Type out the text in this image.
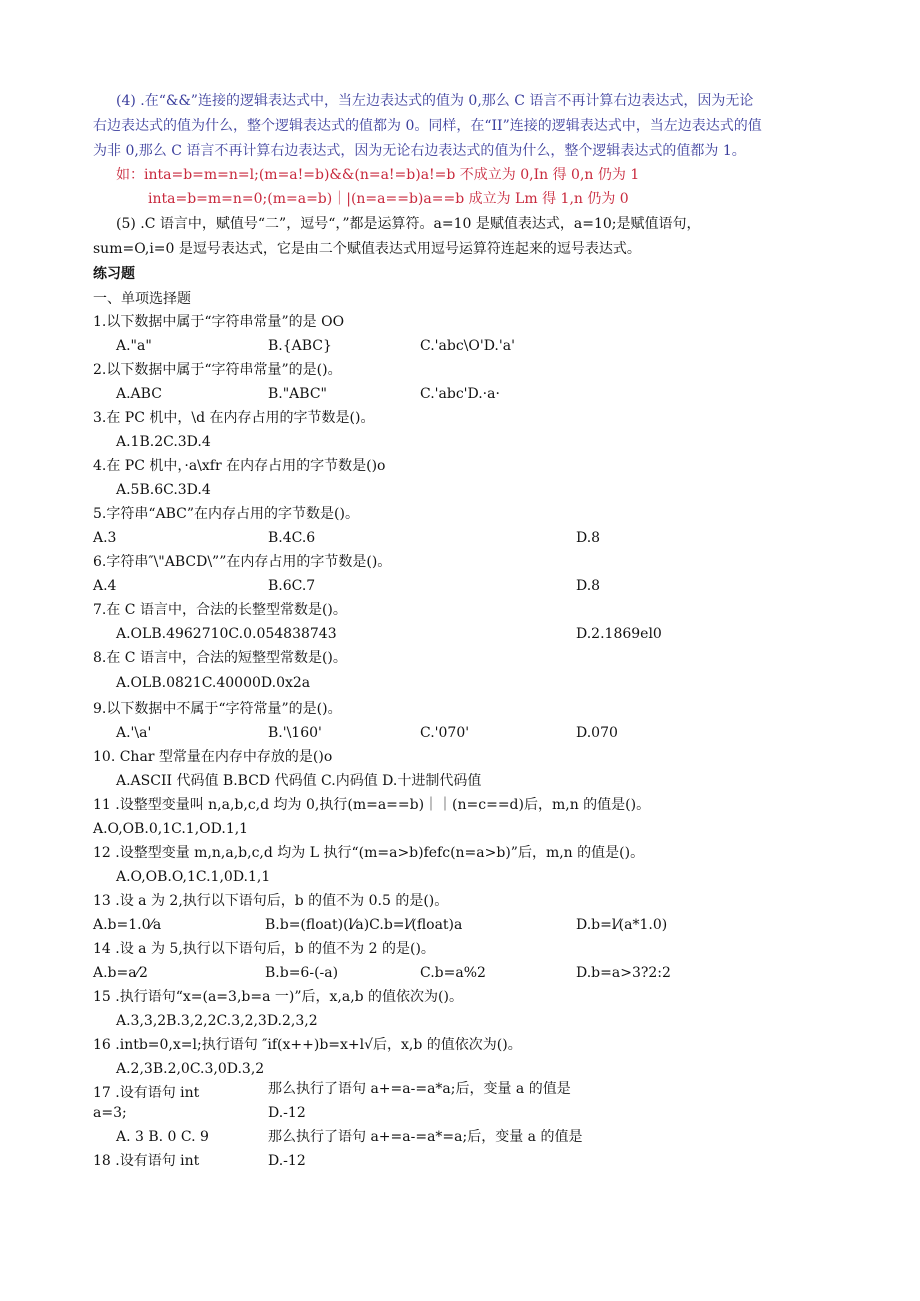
(4) .在“&&”连接的逻辑表达式中，当左边表达式的值为 0,那么 C 语言不再计算右边表达式，因为无论
右边表达式的值为什么，整个逻辑表达式的值都为 0。同样，在“II”连接的逻辑表达式中，当左边表达式的值
为非 0,那么 C 语言不再计算右边表达式，因为无论右边表达式的值为什么，整个逻辑表达式的值都为 1。
如：inta=b=m=n=l;(m=a!=b)&&(n=a!=b)a!=b 不成立为 0,In 得 0,n 仍为 1
inta=b=m=n=0;(m=a=b)｜|(n=a==b)a==b 成立为 Lm 得 1,n 仍为 0
(5) .C 语言中，赋值号“二”，逗号“，”都是运算符。a=10 是赋值表达式，a=10;是赋值语句，
sum=O,i=0 是逗号表达式，它是由二个赋值表达式用逗号运算符连起来的逗号表达式。
练习题
一、单项选择题
1.以下数据中属于“字符串常量”的是 OO
A."a"	B.{ABC}	C.'abc\O'D.'a'
2.以下数据中属于“字符串常量”的是()。
A.ABC	B."ABC"	C.'abc'D.·a·
3.在 PC 机中，\d 在内存占用的字节数是()。
A.1B.2C.3D.4
4.在 PC 机中，·a\xfr 在内存占用的字节数是()o
A.5B.6C.3D.4
5.字符串“ABC”在内存占用的字节数是()。
A.3	B.4C.6	D.8
6.字符串″\"ABCD\””在内存占用的字节数是()。
A.4	B.6C.7	D.8
7.在 C 语言中，合法的长整型常数是()。
A.OLB.4962710C.0.054838743	D.2.1869el0
8.在 C 语言中，合法的短整型常数是()。
A.OLB.0821C.40000D.0x2a
9.以下数据中不属于“字符常量”的是()。
A.'\a'	B.'\160'	C.'070'	D.070
10. Char 型常量在内存中存放的是()o
A.ASCII 代码值 B.BCD 代码值 C.内码值 D.十进制代码值
11 .设整型变量叫 n,a,b,c,d 均为 0,执行(m=a==b)｜｜(n=c==d)后，m,n 的值是()。
A.O,OB.0,1C.1,OD.1,1
12 .设整型变量 m,n,a,b,c,d 均为 L 执行“(m=a>b)fefc(n=a>b)”后，m,n 的值是()。
A.O,OB.O,1C.1,0D.1,1
13 .设 a 为 2,执行以下语句后，b 的值不为 0.5 的是()。
A.b=1.0⁄a	B.b=(float)(l⁄a)C.b=l⁄(float)a	D.b=l⁄(a*1.0)
14 .设 a 为 5,执行以下语句后，b 的值不为 2 的是()。
A.b=a⁄2	B.b=6-(-a)	C.b=a%2	D.b=a>3?2:2
15 .执行语句“x=(a=3,b=a 一)”后，x,a,b 的值依次为()。
A.3,3,2B.3,2,2C.3,2,3D.2,3,2
16 .intb=0,x=l;执行语句 ″if(x++)b=x+l√后，x,b 的值依次为()。
A.2,3B.2,0C.3,0D.3,2
17 .设有语句 int	那么执行了语句 a+=a-=a*a;后，变量 a 的值是
a=3;	D.-12
A. 3 B. 0 C. 9	那么执行了语句 a+=a-=a*=a;后，变量 a 的值是
18 .设有语句 int	D.-12
